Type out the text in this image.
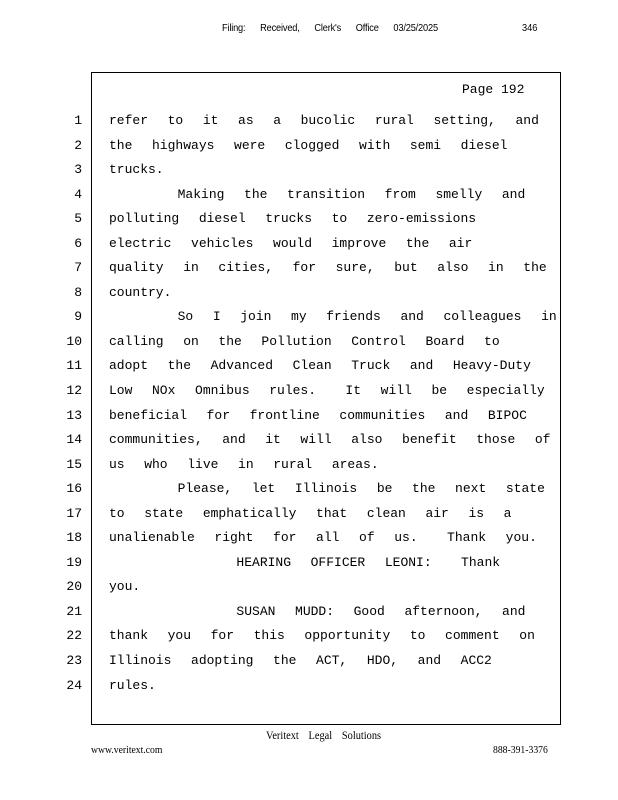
Filing: Received, Clerk's Office 03/25/2025	346
Page 192
1 refer  to  it  as  a  bucolic  rural  setting,  and
2 the  highways  were  clogged  with  semi  diesel
3 trucks.
4 Making  the  transition  from  smelly  and
5 polluting  diesel  trucks  to  zero-emissions
6 electric  vehicles  would  improve  the  air
7 quality  in  cities,  for  sure,  but  also  in  the
8 country.
9 So  I  join  my  friends  and  colleagues  in
10 calling  on  the  Pollution  Control  Board  to
11 adopt  the  Advanced  Clean  Truck  and  Heavy-Duty
12 Low  NOx  Omnibus  rules.   It  will  be  especially
13 beneficial  for  frontline  communities  and  BIPOC
14 communities,  and  it  will  also  benefit  those  of
15 us  who  live  in  rural  areas.
16 Please,  let  Illinois  be  the  next  state
17 to  state  emphatically  that  clean  air  is  a
18 unalienable  right  for  all  of  us.   Thank  you.
19 HEARING  OFFICER  LEONI:   Thank
20 you.
21 SUSAN  MUDD:  Good  afternoon,  and
22 thank  you  for  this  opportunity  to  comment  on
23 Illinois  adopting  the  ACT,  HDO,  and  ACC2
24 rules.
Veritext Legal Solutions
www.veritext.com	888-391-3376
